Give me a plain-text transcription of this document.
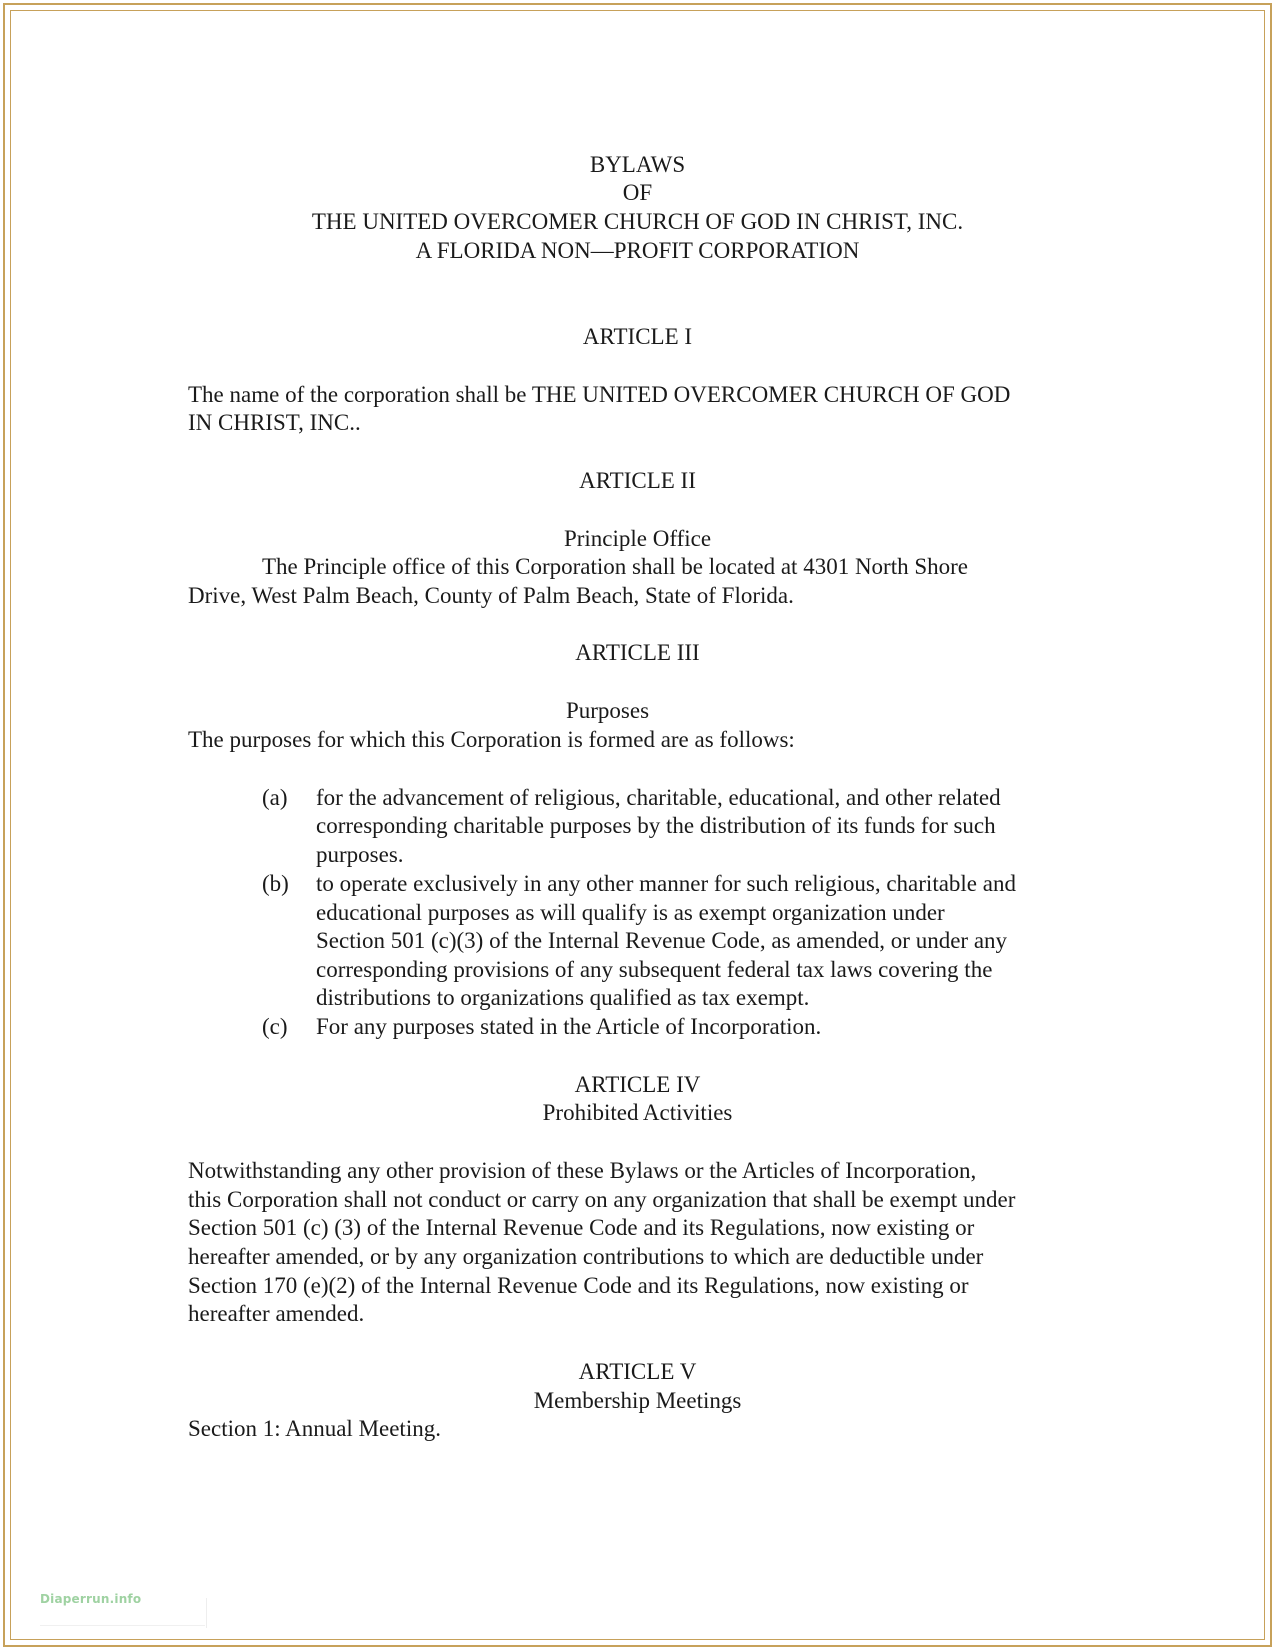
BYLAWS

OF

THE UNITED OVERCOMER CHURCH OF GOD IN CHRIST, INC.

A FLORIDA NON—PROFIT CORPORATION

ARTICLE I

The name of the corporation shall be THE UNITED OVERCOMER CHURCH OF GOD

IN CHRIST, INC..

ARTICLE II

Principle Office

The Principle office of this Corporation shall be located at 4301 North Shore

Drive, West Palm Beach, County of Palm Beach, State of Florida.

ARTICLE III

Purposes

The purposes for which this Corporation is formed are as follows:

(a) for the advancement of religious, charitable, educational, and other related

corresponding charitable purposes by the distribution of its funds for such

purposes.

(b) to operate exclusively in any other manner for such religious, charitable and

educational purposes as will qualify is as exempt organization under

Section 501 (c)(3) of the Internal Revenue Code, as amended, or under any

corresponding provisions of any subsequent federal tax laws covering the

distributions to organizations qualified as tax exempt.

(c) For any purposes stated in the Article of Incorporation.

ARTICLE IV

Prohibited Activities

Notwithstanding any other provision of these Bylaws or the Articles of Incorporation,

this Corporation shall not conduct or carry on any organization that shall be exempt under

Section 501 (c) (3) of the Internal Revenue Code and its Regulations, now existing or

hereafter amended, or by any organization contributions to which are deductible under

Section 170 (e)(2) of the Internal Revenue Code and its Regulations, now existing or

hereafter amended.

ARTICLE V

Membership Meetings

Section 1: Annual Meeting.

Diaperrun.info
